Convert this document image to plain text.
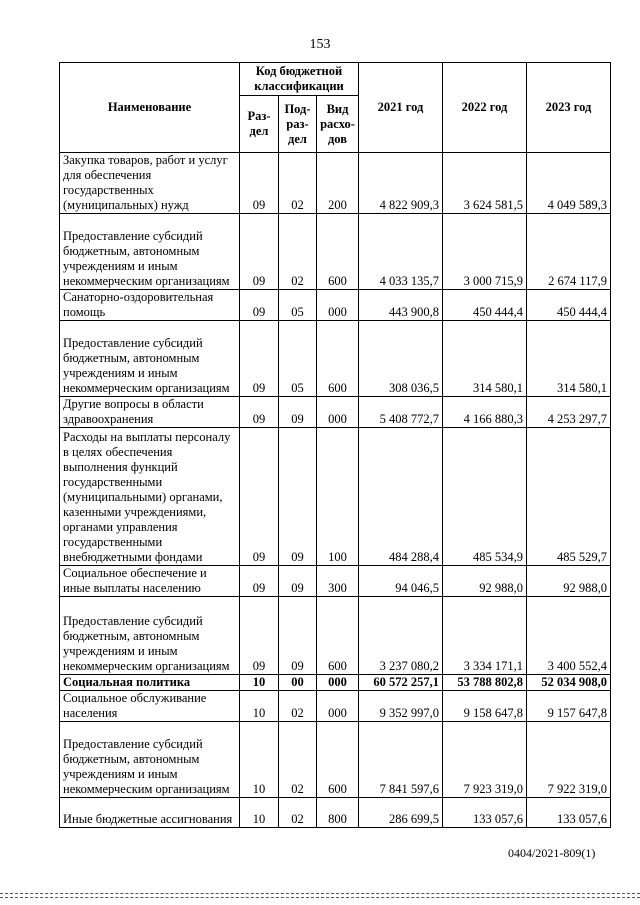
153
Наименование	Код бюджетной классификации			2021 год	2022 год	2023 год
	Раз-дел	Под-раз-дел	Вид расхо-дов			
Закупка товаров, работ и услуг для обеспечения государственных (муниципальных) нужд	09	02	200	4 822 909,3	3 624 581,5	4 049 589,3
Предоставление субсидий бюджетным, автономным учреждениям и иным некоммерческим организациям	09	02	600	4 033 135,7	3 000 715,9	2 674 117,9
Санаторно-оздоровительная помощь	09	05	000	443 900,8	450 444,4	450 444,4
Предоставление субсидий бюджетным, автономным учреждениям и иным некоммерческим организациям	09	05	600	308 036,5	314 580,1	314 580,1
Другие вопросы в области здравоохранения	09	09	000	5 408 772,7	4 166 880,3	4 253 297,7
Расходы на выплаты персоналу в целях обеспечения выполнения функций государственными (муниципальными) органами, казенными учреждениями, органами управления государственными внебюджетными фондами	09	09	100	484 288,4	485 534,9	485 529,7
Социальное обеспечение и иные выплаты населению	09	09	300	94 046,5	92 988,0	92 988,0
Предоставление субсидий бюджетным, автономным учреждениям и иным некоммерческим организациям	09	09	600	3 237 080,2	3 334 171,1	3 400 552,4
Социальная политика	10	00	000	60 572 257,1	53 788 802,8	52 034 908,0
Социальное обслуживание населения	10	02	000	9 352 997,0	9 158 647,8	9 157 647,8
Предоставление субсидий бюджетным, автономным учреждениям и иным некоммерческим организациям	10	02	600	7 841 597,6	7 923 319,0	7 922 319,0
Иные бюджетные ассигнования	10	02	800	286 699,5	133 057,6	133 057,6
0404/2021-809(1)
